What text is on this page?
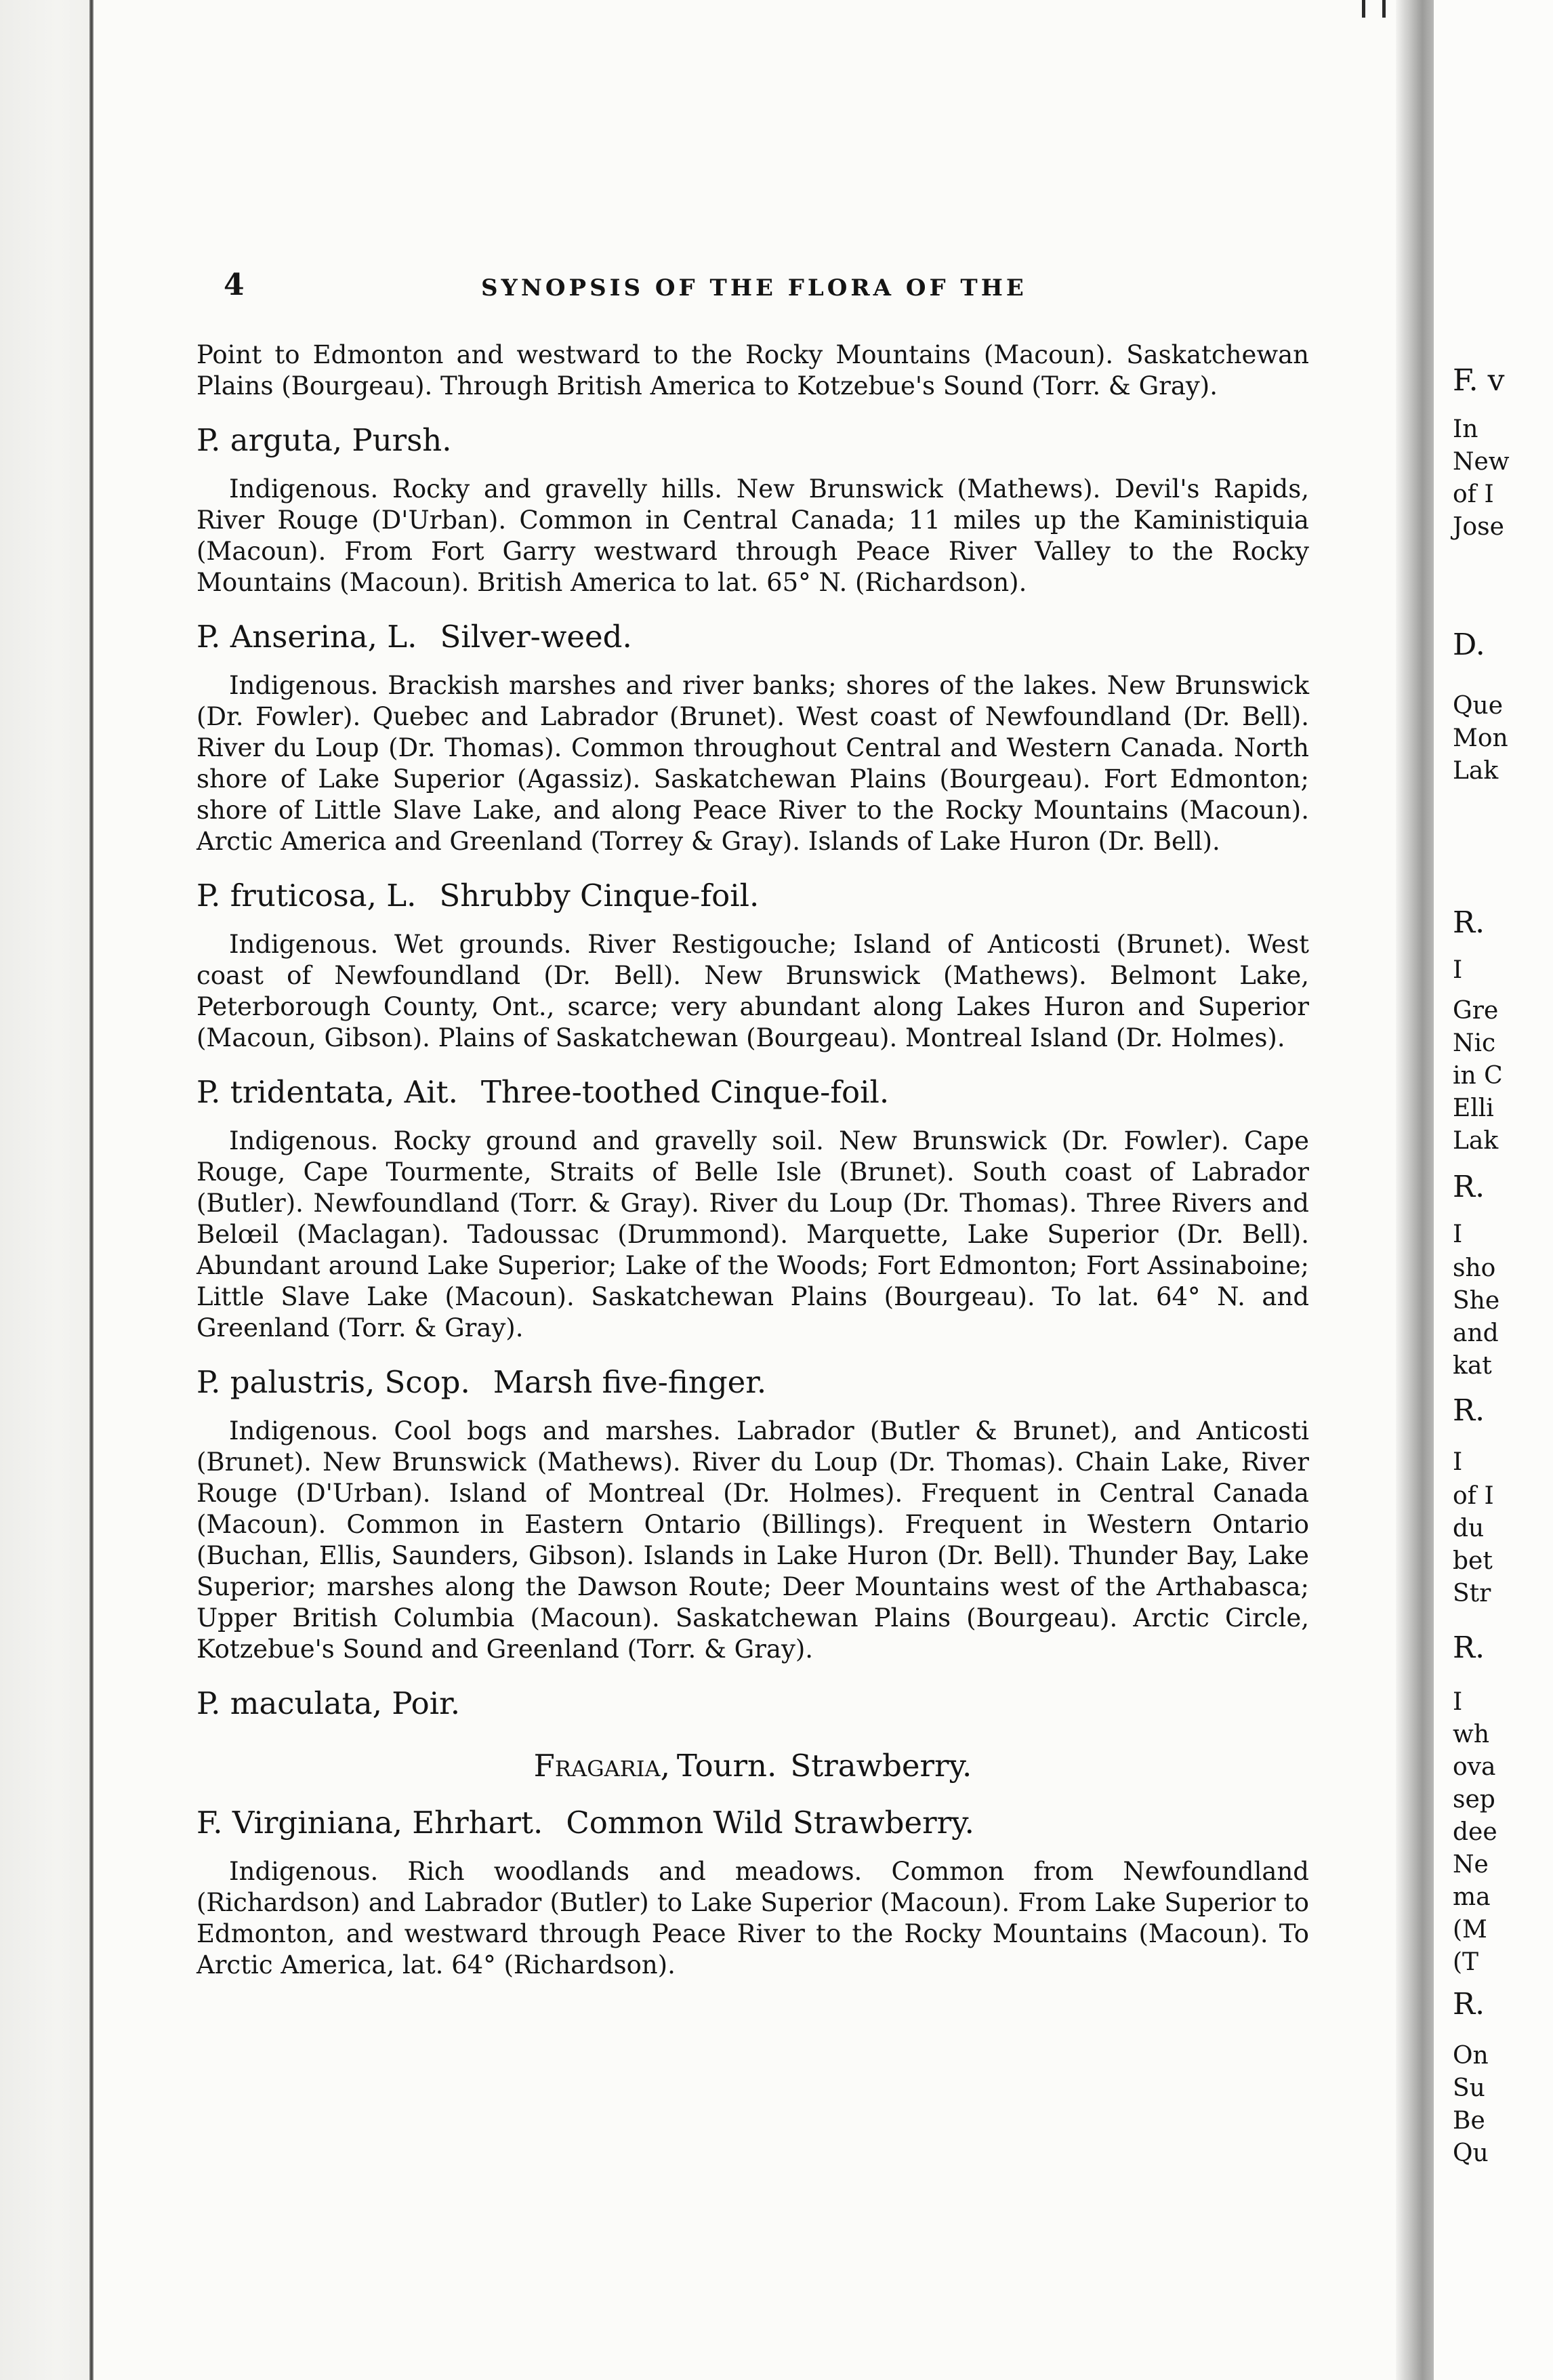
F. v
In
New
of I
Jose
D.
Que
Mon
Lak
R.
I
Gre
Nic
in C
Elli
Lak
R.
I
sho
She
and
kat
R.
I
of I
du
bet
Str
R.
I
wh
ova
sep
dee
Ne
ma
(M
(T
R.
On
Su
Be
Qu
4	SYNOPSIS OF THE FLORA OF THE

Point to Edmonton and westward to the Rocky Mountains (Macoun). Saskatchewan Plains (Bourgeau). Through British America to Kotzebue's Sound (Torr. & Gray).

P. arguta, Pursh.

Indigenous. Rocky and gravelly hills. New Brunswick (Mathews). Devil's Rapids, River Rouge (D'Urban). Common in Central Canada; 11 miles up the Kaministiquia (Macoun). From Fort Garry westward through Peace River Valley to the Rocky Mountains (Macoun). British America to lat. 65° N. (Richardson).

P. Anserina, L. Silver-weed.

Indigenous. Brackish marshes and river banks; shores of the lakes. New Brunswick (Dr. Fowler). Quebec and Labrador (Brunet). West coast of Newfoundland (Dr. Bell). River du Loup (Dr. Thomas). Common throughout Central and Western Canada. North shore of Lake Superior (Agassiz). Saskatchewan Plains (Bourgeau). Fort Edmonton; shore of Little Slave Lake, and along Peace River to the Rocky Mountains (Macoun). Arctic America and Greenland (Torrey & Gray). Islands of Lake Huron (Dr. Bell).

P. fruticosa, L. Shrubby Cinque-foil.

Indigenous. Wet grounds. River Restigouche; Island of Anticosti (Brunet). West coast of Newfoundland (Dr. Bell). New Brunswick (Mathews). Belmont Lake, Peterborough County, Ont., scarce; very abundant along Lakes Huron and Superior (Macoun, Gibson). Plains of Saskatchewan (Bourgeau). Montreal Island (Dr. Holmes).

P. tridentata, Ait. Three-toothed Cinque-foil.

Indigenous. Rocky ground and gravelly soil. New Brunswick (Dr. Fowler). Cape Rouge, Cape Tourmente, Straits of Belle Isle (Brunet). South coast of Labrador (Butler). Newfoundland (Torr. & Gray). River du Loup (Dr. Thomas). Three Rivers and Belœil (Maclagan). Tadoussac (Drummond). Marquette, Lake Superior (Dr. Bell). Abundant around Lake Superior; Lake of the Woods; Fort Edmonton; Fort Assinaboine; Little Slave Lake (Macoun). Saskatchewan Plains (Bourgeau). To lat. 64° N. and Greenland (Torr. & Gray).

P. palustris, Scop. Marsh five-finger.

Indigenous. Cool bogs and marshes. Labrador (Butler & Brunet), and Anticosti (Brunet). New Brunswick (Mathews). River du Loup (Dr. Thomas). Chain Lake, River Rouge (D'Urban). Island of Montreal (Dr. Holmes). Frequent in Central Canada (Macoun). Common in Eastern Ontario (Billings). Frequent in Western Ontario (Buchan, Ellis, Saunders, Gibson). Islands in Lake Huron (Dr. Bell). Thunder Bay, Lake Superior; marshes along the Dawson Route; Deer Mountains west of the Arthabasca; Upper British Columbia (Macoun). Saskatchewan Plains (Bourgeau). Arctic Circle, Kotzebue's Sound and Greenland (Torr. & Gray).

P. maculata, Poir.
Fragaria, Tourn. Strawberry.
F. Virginiana, Ehrhart. Common Wild Strawberry.

Indigenous. Rich woodlands and meadows. Common from Newfoundland (Richardson) and Labrador (Butler) to Lake Superior (Macoun). From Lake Superior to Edmonton, and westward through Peace River to the Rocky Mountains (Macoun). To Arctic America, lat. 64° (Richardson).
